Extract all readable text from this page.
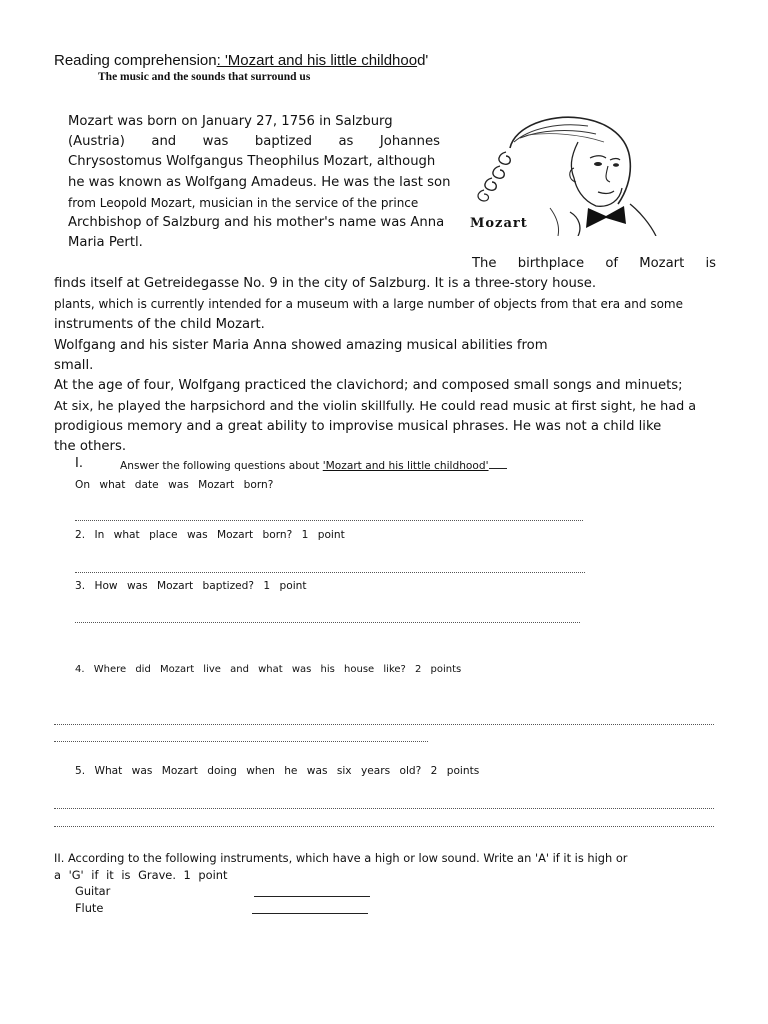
Reading comprehension: 'Mozart and his little childhood'
The music and the sounds that surround us
Mozart
Mozart was born on January 27, 1756 in Salzburg
(Austria) and was baptized as Johannes
Chrysostomus Wolfgangus Theophilus Mozart, although
he was known as Wolfgang Amadeus. He was the last son
from Leopold Mozart, musician in the service of the prince
Archbishop of Salzburg and his mother's name was Anna
Maria Pertl.
The birthplace of Mozart is
finds itself at Getreidegasse No. 9 in the city of Salzburg. It is a three-story house.
plants, which is currently intended for a museum with a large number of objects from that era and some
instruments of the child Mozart.
Wolfgang and his sister Maria Anna showed amazing musical abilities from
small.
At the age of four, Wolfgang practiced the clavichord; and composed small songs and minuets;
At six, he played the harpsichord and the violin skillfully. He could read music at first sight, he had a
prodigious memory and a great ability to improvise musical phrases. He was not a child like
the others.
I.	Answer the following questions about 'Mozart and his little childhood'
On what date was Mozart born?
2. In what place was Mozart born? 1 point
3. How was Mozart baptized? 1 point
4. Where did Mozart live and what was his house like? 2 points
5. What was Mozart doing when he was six years old? 2 points
II. According to the following instruments, which have a high or low sound. Write an 'A' if it is high or
a 'G' if it is Grave. 1 point
Guitar
Flute
